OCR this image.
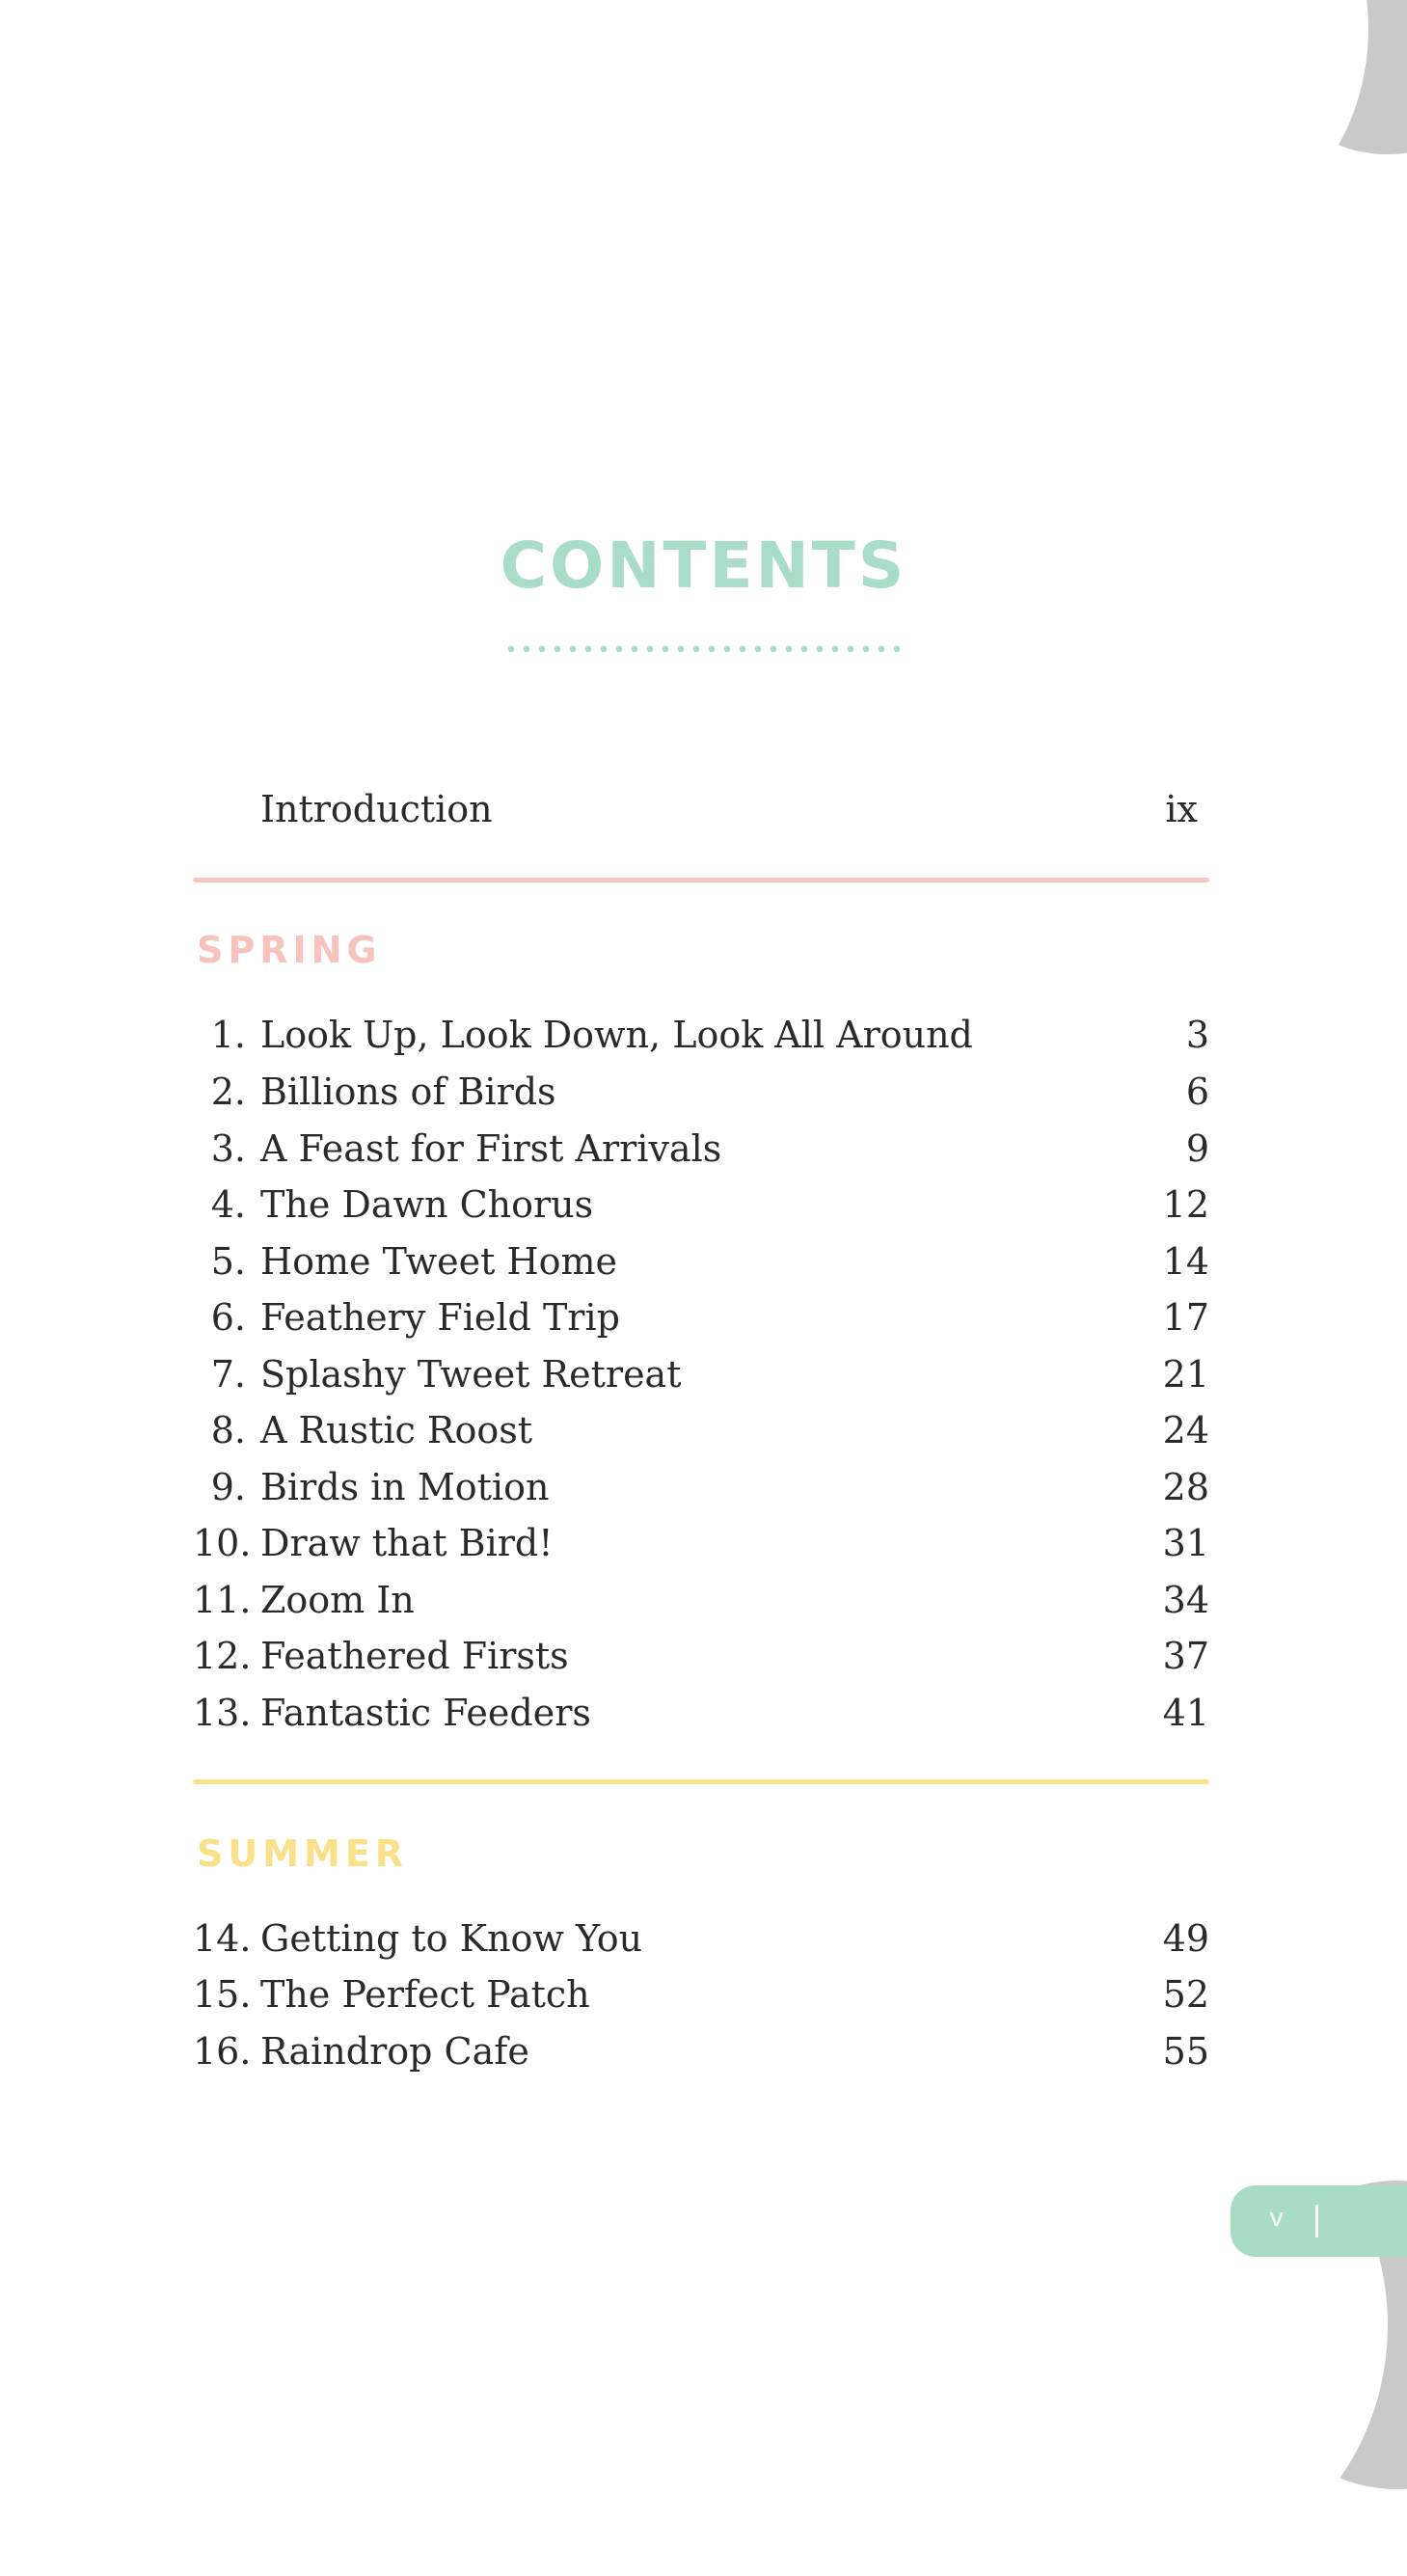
CONTENTS
Introduction	ix
SPRING
1. Look Up, Look Down, Look All Around	3
2. Billions of Birds	6
3. A Feast for First Arrivals	9
4. The Dawn Chorus	12
5. Home Tweet Home	14
6. Feathery Field Trip	17
7. Splashy Tweet Retreat	21
8. A Rustic Roost	24
9. Birds in Motion	28
10. Draw that Bird!	31
11. Zoom In	34
12. Feathered Firsts	37
13. Fantastic Feeders	41
SUMMER
14. Getting to Know You	49
15. The Perfect Patch	52
16. Raindrop Cafe	55
v
